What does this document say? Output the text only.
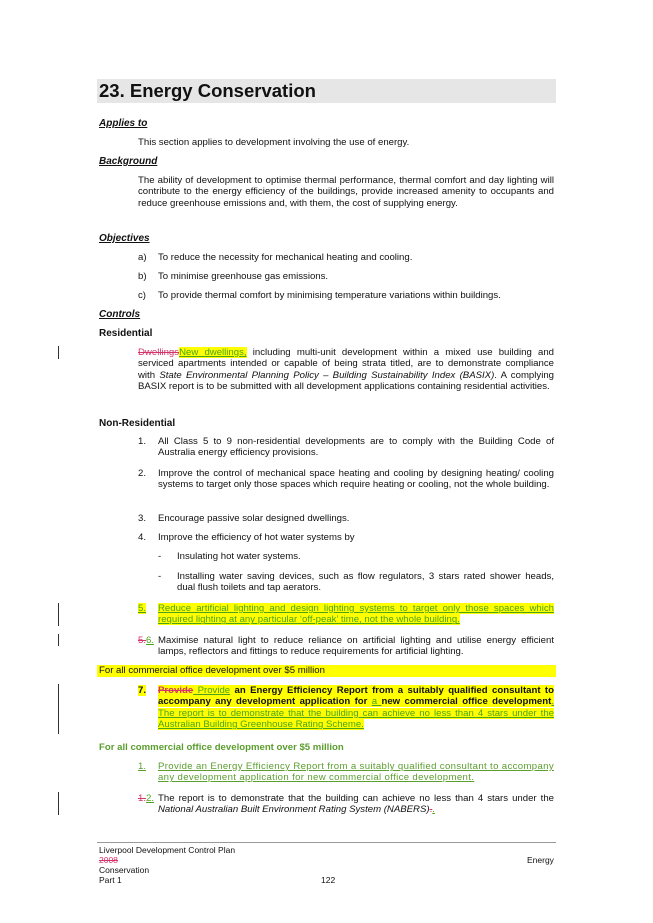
23. Energy Conservation
Applies to
This section applies to development involving the use of energy.
Background
The ability of development to optimise thermal performance, thermal comfort and day lighting will contribute to the energy efficiency of the buildings, provide increased amenity to occupants and reduce greenhouse emissions and, with them, the cost of supplying energy.
Objectives
a) To reduce the necessity for mechanical heating and cooling.
b) To minimise greenhouse gas emissions.
c) To provide thermal comfort by minimising temperature variations within buildings.
Controls
Residential
DwellingsNew dwellings, including multi-unit development within a mixed use building and serviced apartments intended or capable of being strata titled, are to demonstrate compliance with State Environmental Planning Policy – Building Sustainability Index (BASIX). A complying BASIX report is to be submitted with all development applications containing residential activities.
Non-Residential
1. All Class 5 to 9 non-residential developments are to comply with the Building Code of Australia energy efficiency provisions.
2. Improve the control of mechanical space heating and cooling by designing heating/ cooling systems to target only those spaces which require heating or cooling, not the whole building.
3. Encourage passive solar designed dwellings.
4. Improve the efficiency of hot water systems by
- Insulating hot water systems.
- Installing water saving devices, such as flow regulators, 3 stars rated shower heads, dual flush toilets and tap aerators.
5. Reduce artificial lighting and design lighting systems to target only those spaces which required lighting at any particular ‘off-peak’ time, not the whole building.
5.6. Maximise natural light to reduce reliance on artificial lighting and utilise energy efficient lamps, reflectors and fittings to reduce requirements for artificial lighting.
For all commercial office development over $5 million
7. Provide Provide an Energy Efficiency Report from a suitably qualified consultant to accompany any development application for a new commercial office development. The report is to demonstrate that the building can achieve no less than 4 stars under the Australian Building Greenhouse Rating Scheme.
For all commercial office development over $5 million
1. Provide an Energy Efficiency Report from a suitably qualified consultant to accompany any development application for new commercial office development.
1.2. The report is to demonstrate that the building can achieve no less than 4 stars under the National Australian Built Environment Rating System (NABERS)..
Liverpool Development Control Plan
2008	Energy
Conservation
Part 1	122
